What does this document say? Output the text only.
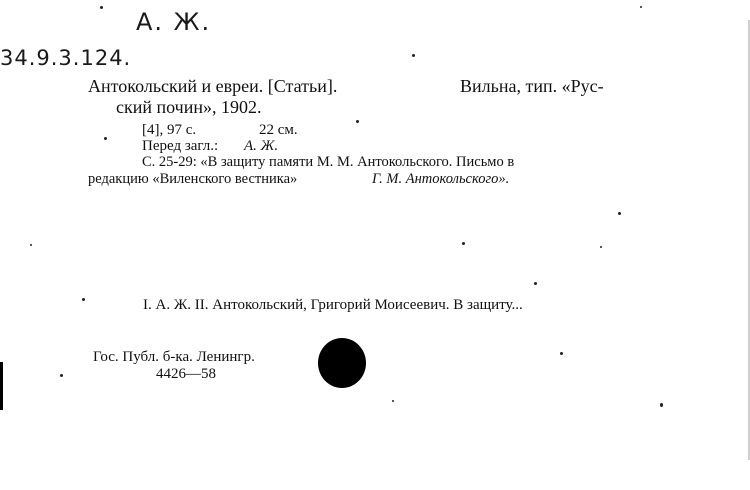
А. Ж.
34.9.3.124.
Антокольский и евреи. [Статьи].	Вильна, тип. «Рус-
ский почин», 1902.
[4], 97 с.	22 см.
Перед загл.: А. Ж.
С. 25-29: «В защиту памяти М. М. Антокольского. Письмо в
редакцию «Виленского вестника»	Г. М. Антокольского».
I. А. Ж. II. Антокольский, Григорий Моисеевич. В защиту...
Гос. Публ. б-ка. Ленингр.
4426—58
